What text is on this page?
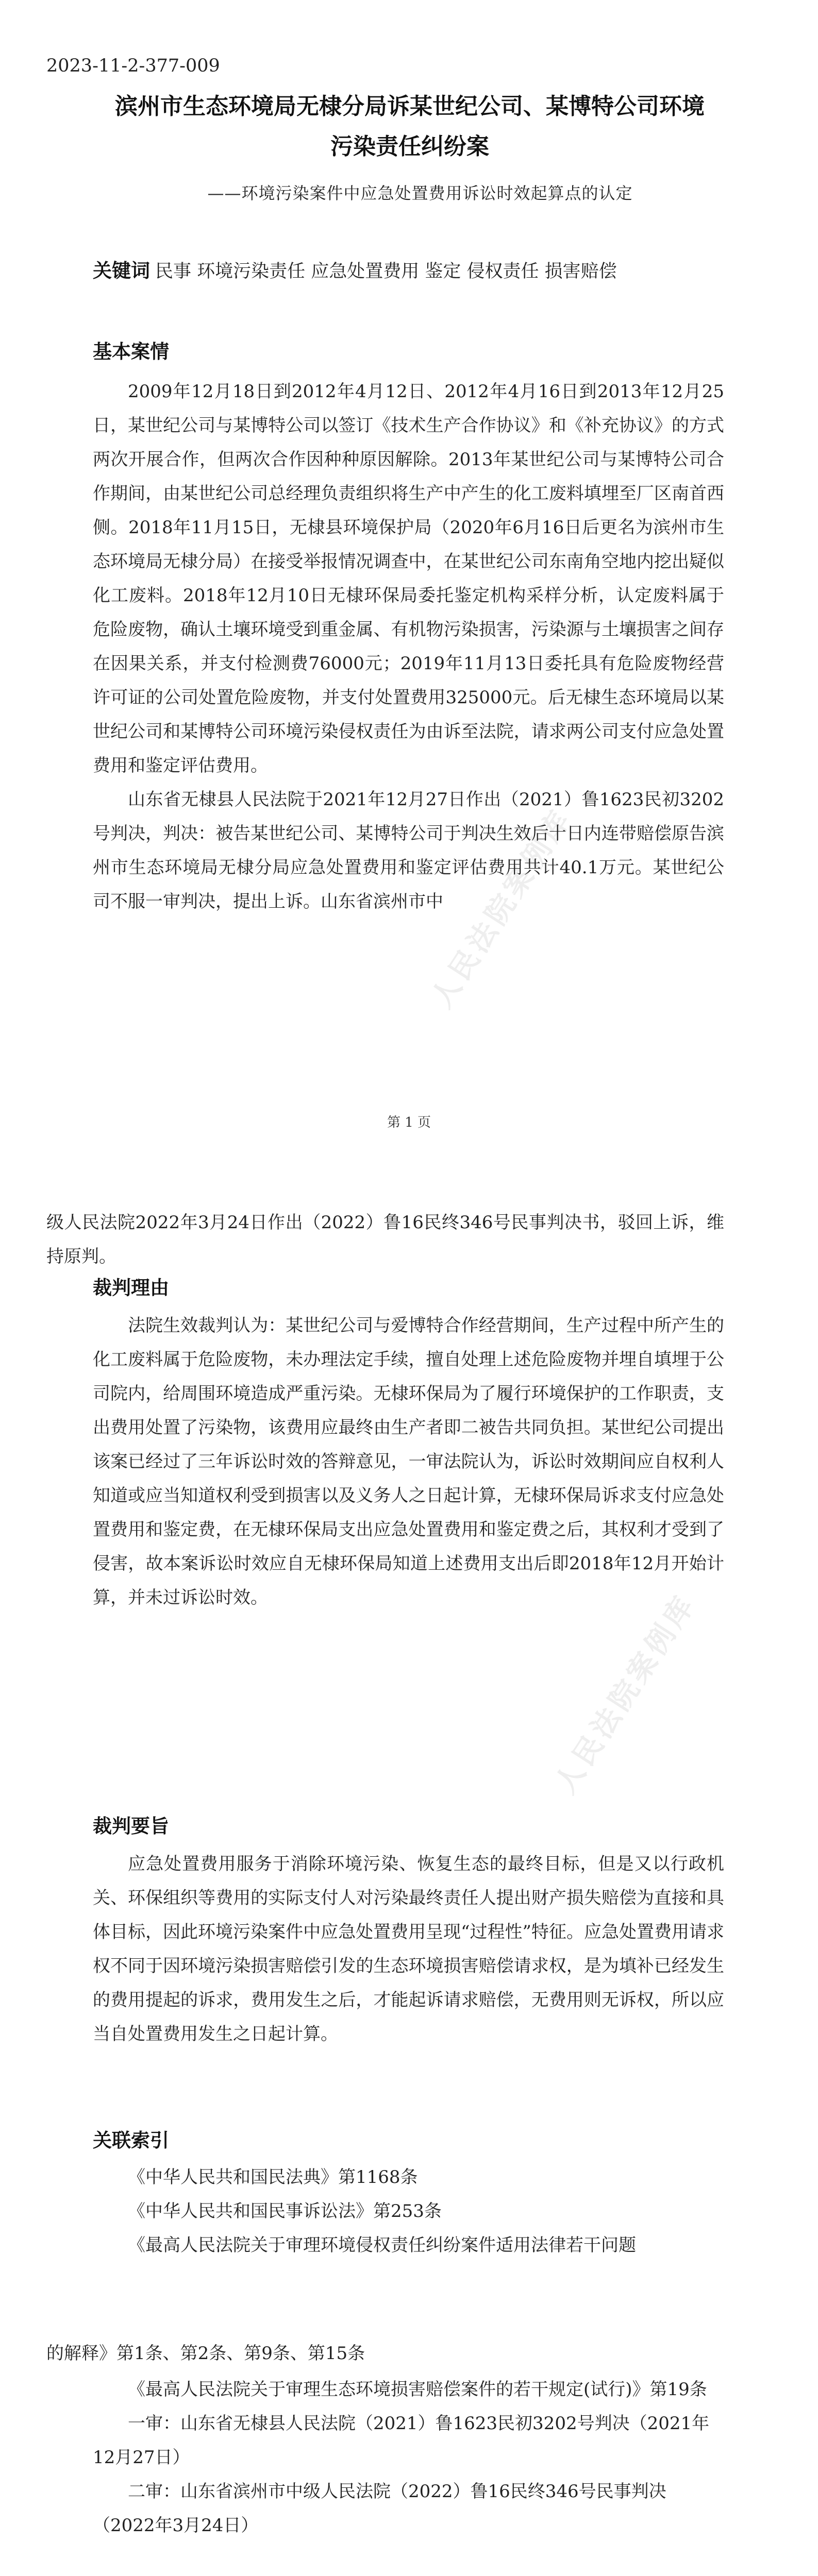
人民法院案例库
2023-11-2-377-009
滨州市生态环境局无棣分局诉某世纪公司、某博特公司环境污染责任纠纷案
——环境污染案件中应急处置费用诉讼时效起算点的认定
关键词 民事 环境污染责任 应急处置费用 鉴定 侵权责任 损害赔偿
基本案情

2009年12月18日到2012年4月12日、2012年4月16日到2013年12月25日，某世纪公司与某博特公司以签订《技术生产合作协议》和《补充协议》的方式两次开展合作，但两次合作因种种原因解除。2013年某世纪公司与某博特公司合作期间，由某世纪公司总经理负责组织将生产中产生的化工废料填埋至厂区南首西侧。2018年11月15日，无棣县环境保护局（2020年6月16日后更名为滨州市生态环境局无棣分局）在接受举报情况调查中，在某世纪公司东南角空地内挖出疑似化工废料。2018年12月10日无棣环保局委托鉴定机构采样分析，认定废料属于危险废物，确认土壤环境受到重金属、有机物污染损害，污染源与土壤损害之间存在因果关系，并支付检测费76000元；2019年11月13日委托具有危险废物经营许可证的公司处置危险废物，并支付处置费用325000元。后无棣生态环境局以某世纪公司和某博特公司环境污染侵权责任为由诉至法院，请求两公司支付应急处置费用和鉴定评估费用。

山东省无棣县人民法院于2021年12月27日作出（2021）鲁1623民初3202号判决，判决：被告某世纪公司、某博特公司于判决生效后十日内连带赔偿原告滨州市生态环境局无棣分局应急处置费用和鉴定评估费用共计40.1万元。某世纪公司不服一审判决，提出上诉。山东省滨州市中

第 1 页
人民法院案例库

级人民法院2022年3月24日作出（2022）鲁16民终346号民事判决书，驳回上诉，维持原判。

裁判理由

法院生效裁判认为：某世纪公司与爱博特合作经营期间，生产过程中所产生的化工废料属于危险废物，未办理法定手续，擅自处理上述危险废物并埋自填埋于公司院内，给周围环境造成严重污染。无棣环保局为了履行环境保护的工作职责，支出费用处置了污染物，该费用应最终由生产者即二被告共同负担。某世纪公司提出该案已经过了三年诉讼时效的答辩意见，一审法院认为，诉讼时效期间应自权利人知道或应当知道权利受到损害以及义务人之日起计算，无棣环保局诉求支付应急处置费用和鉴定费，在无棣环保局支出应急处置费用和鉴定费之后，其权利才受到了侵害，故本案诉讼时效应自无棣环保局知道上述费用支出后即2018年12月开始计算，并未过诉讼时效。

裁判要旨

应急处置费用服务于消除环境污染、恢复生态的最终目标，但是又以行政机关、环保组织等费用的实际支付人对污染最终责任人提出财产损失赔偿为直接和具体目标，因此环境污染案件中应急处置费用呈现“过程性”特征。应急处置费用请求权不同于因环境污染损害赔偿引发的生态环境损害赔偿请求权，是为填补已经发生的费用提起的诉求，费用发生之后，才能起诉请求赔偿，无费用则无诉权，所以应当自处置费用发生之日起计算。

关联索引

《中华人民共和国民法典》第1168条

《中华人民共和国民事诉讼法》第253条

《最高人民法院关于审理环境侵权责任纠纷案件适用法律若干问题

的解释》第1条、第2条、第9条、第15条

《最高人民法院关于审理生态环境损害赔偿案件的若干规定(试行)》第19条

一审：山东省无棣县人民法院（2021）鲁1623民初3202号判决（2021年12月27日）

二审：山东省滨州市中级人民法院（2022）鲁16民终346号民事判决（2022年3月24日）
